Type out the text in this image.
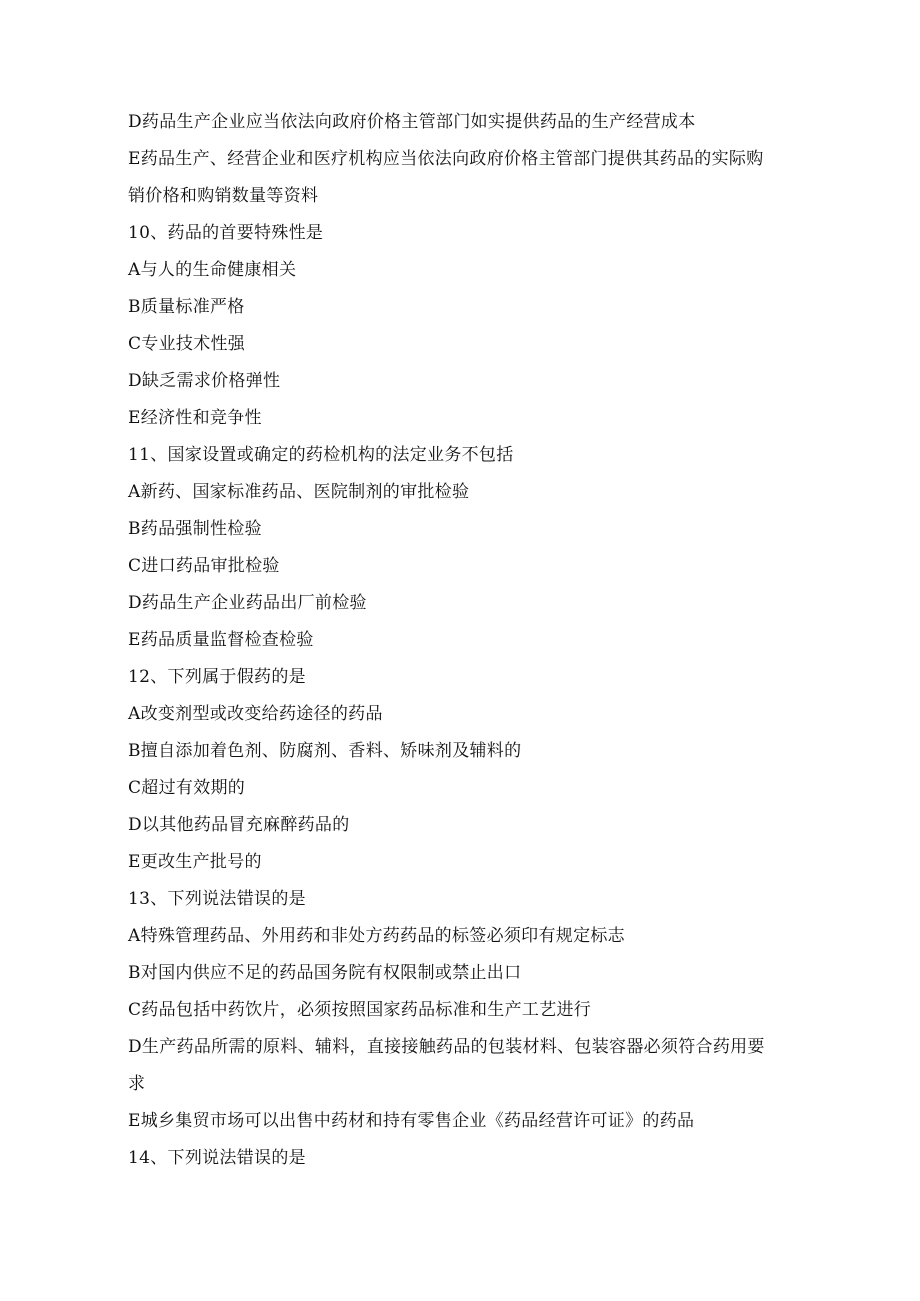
D药品生产企业应当依法向政府价格主管部门如实提供药品的生产经营成本
E药品生产、经营企业和医疗机构应当依法向政府价格主管部门提供其药品的实际购
销价格和购销数量等资料
10、药品的首要特殊性是
A与人的生命健康相关
B质量标准严格
C专业技术性强
D缺乏需求价格弹性
E经济性和竞争性
11、国家设置或确定的药检机构的法定业务不包括
A新药、国家标准药品、医院制剂的审批检验
B药品强制性检验
C进口药品审批检验
D药品生产企业药品出厂前检验
E药品质量监督检查检验
12、下列属于假药的是
A改变剂型或改变给药途径的药品
B擅自添加着色剂、防腐剂、香料、矫味剂及辅料的
C超过有效期的
D以其他药品冒充麻醉药品的
E更改生产批号的
13、下列说法错误的是
A特殊管理药品、外用药和非处方药药品的标签必须印有规定标志
B对国内供应不足的药品国务院有权限制或禁止出口
C药品包括中药饮片，必须按照国家药品标准和生产工艺进行
D生产药品所需的原料、辅料，直接接触药品的包装材料、包装容器必须符合药用要
求
E城乡集贸市场可以出售中药材和持有零售企业《药品经营许可证》的药品
14、下列说法错误的是
